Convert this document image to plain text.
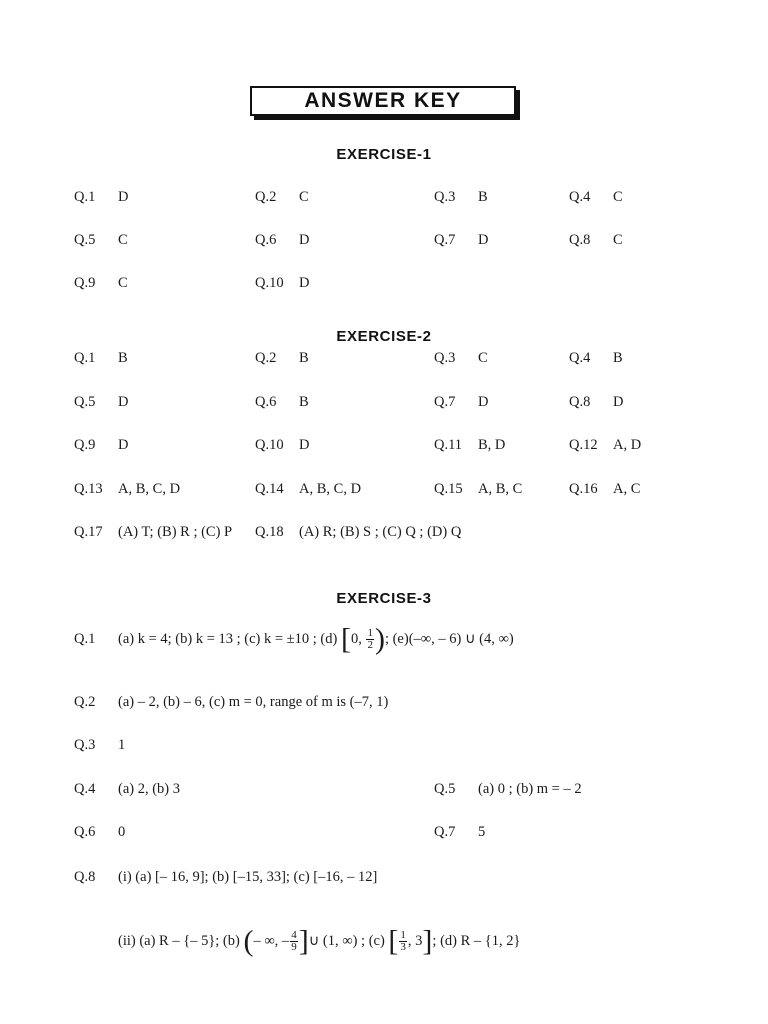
ANSWER KEY
EXERCISE-1
Q.1 D	Q.2 C	Q.3 B	Q.4 C
Q.5 C	Q.6 D	Q.7 D	Q.8 C
Q.9 C	Q.10 D
EXERCISE-2
Q.1 B	Q.2 B	Q.3 C	Q.4 B
Q.5 D	Q.6 B	Q.7 D	Q.8 D
Q.9 D	Q.10 D	Q.11 B, D	Q.12 A, D
Q.13 A, B, C, D	Q.14 A, B, C, D	Q.15 A, B, C	Q.16 A, C
Q.17 (A) T; (B) R ; (C) P Q.18 (A) R; (B) S ; (C) Q ; (D) Q
EXERCISE-3
Q.1 (a) k = 4; (b) k = 13 ; (c) k = ±10 ; (d) [0, $\frac{1}{2}$ ); (e)(–∞, – 6) ∪ (4, ∞)
Q.2 (a) – 2, (b) – 6, (c) m = 0, range of m is (–7, 1)
Q.3 1
Q.4 (a) 2, (b) 3	Q.5 (a) 0 ; (b) m = – 2
Q.6 0	Q.7 5
Q.8 (i) (a) [– 16, 9]; (b) [–15, 33]; (c) [–16, – 12]
(ii) (a) R – {– 5}; (b) (– ∞, – $\frac{4}{9}$ ]∪ (1, ∞) ; (c) [ $\frac{1}{3}$ , 3]; (d) R – {1, 2}
